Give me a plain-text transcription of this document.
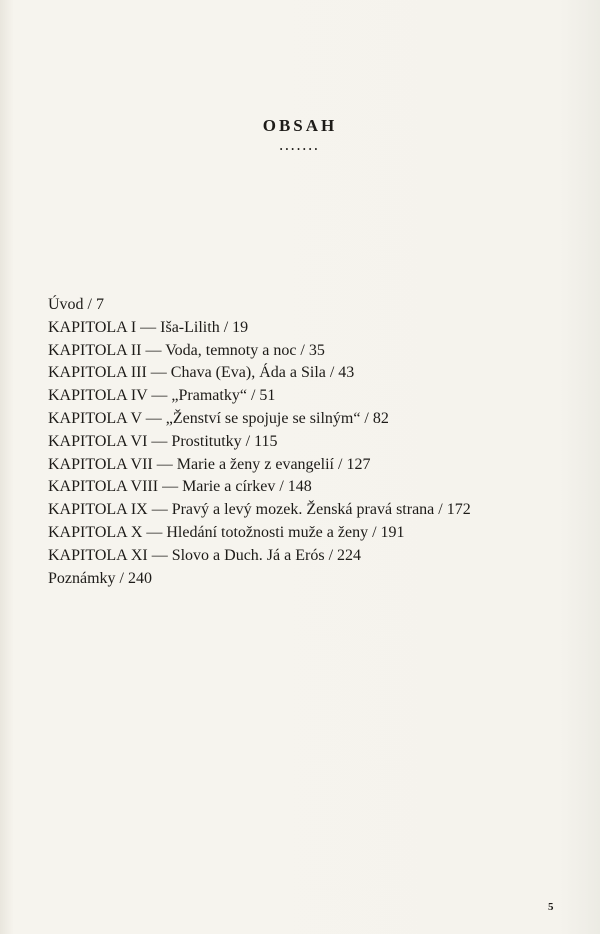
OBSAH
•••••••
Úvod / 7
KAPITOLA I — Iša-Lilith / 19
KAPITOLA II — Voda, temnoty a noc / 35
KAPITOLA III — Chava (Eva), Áda a Sila / 43
KAPITOLA IV — „Pramatky“ / 51
KAPITOLA V — „Ženství se spojuje se silným“ / 82
KAPITOLA VI — Prostitutky / 115
KAPITOLA VII — Marie a ženy z evangelií / 127
KAPITOLA VIII — Marie a církev / 148
KAPITOLA IX — Pravý a levý mozek. Ženská pravá strana / 172
KAPITOLA X — Hledání totožnosti muže a ženy / 191
KAPITOLA XI — Slovo a Duch. Já a Erós / 224
Poznámky / 240
5
